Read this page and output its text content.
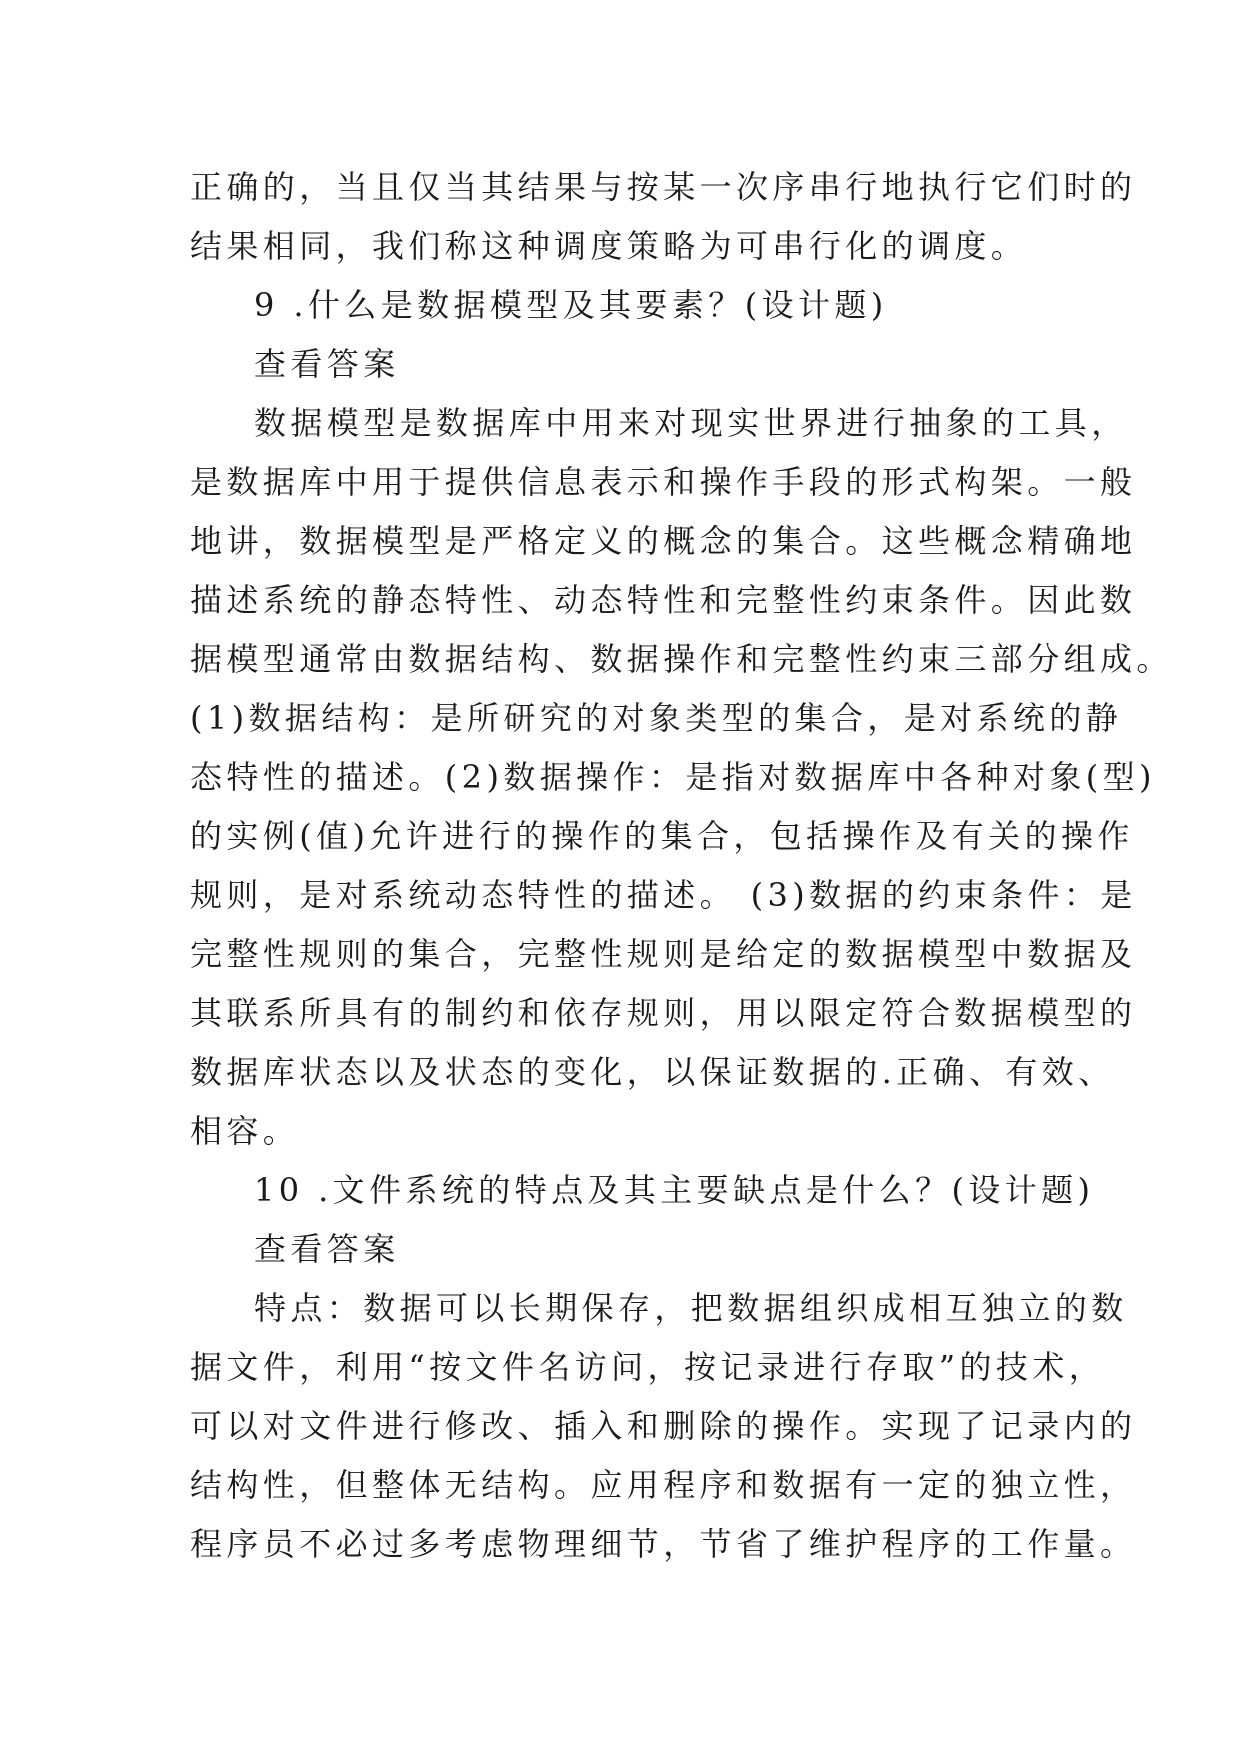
正确的，当且仅当其结果与按某一次序串行地执行它们时的
结果相同，我们称这种调度策略为可串行化的调度。
9 .什么是数据模型及其要素？(设计题)
查看答案
数据模型是数据库中用来对现实世界进行抽象的工具，
是数据库中用于提供信息表示和操作手段的形式构架。一般
地讲，数据模型是严格定义的概念的集合。这些概念精确地
描述系统的静态特性、动态特性和完整性约束条件。因此数
据模型通常由数据结构、数据操作和完整性约束三部分组成。
(1)数据结构：是所研究的对象类型的集合，是对系统的静
态特性的描述。(2)数据操作：是指对数据库中各种对象(型)
的实例(值)允许进行的操作的集合，包括操作及有关的操作
规则，是对系统动态特性的描述。 (3)数据的约束条件：是
完整性规则的集合，完整性规则是给定的数据模型中数据及
其联系所具有的制约和依存规则，用以限定符合数据模型的
数据库状态以及状态的变化，以保证数据的.正确、有效、
相容。
10 .文件系统的特点及其主要缺点是什么？(设计题)
查看答案
特点：数据可以长期保存，把数据组织成相互独立的数
据文件，利用“按文件名访问，按记录进行存取”的技术，
可以对文件进行修改、插入和删除的操作。实现了记录内的
结构性，但整体无结构。应用程序和数据有一定的独立性，
程序员不必过多考虑物理细节，节省了维护程序的工作量。
